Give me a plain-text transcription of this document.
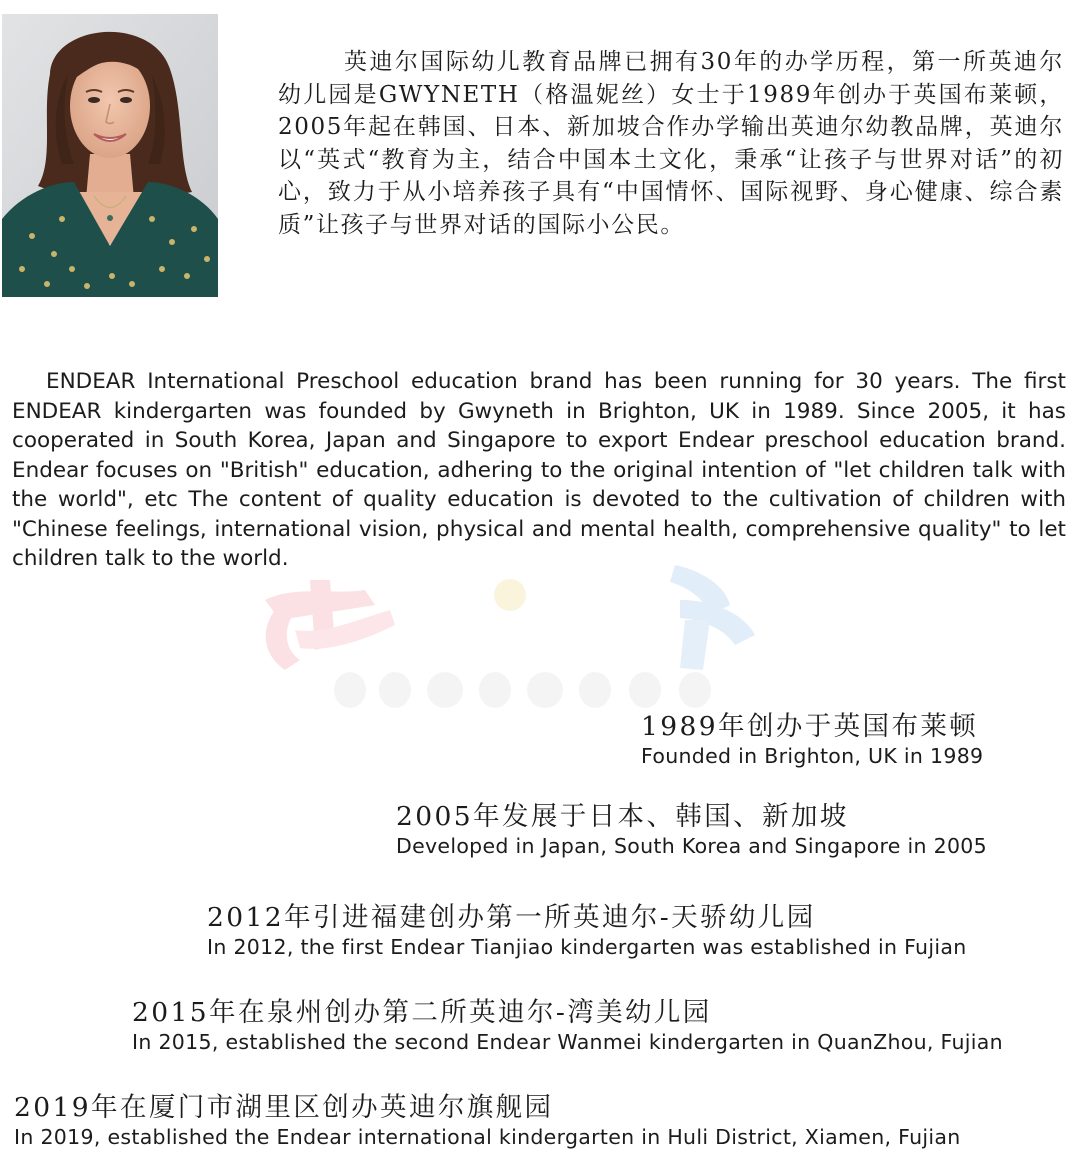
英迪尔国际幼儿教育品牌已拥有30年的办学历程，第一所英迪尔幼儿园是GWYNETH（格温妮丝）女士于1989年创办于英国布莱顿，2005年起在韩国、日本、新加坡合作办学输出英迪尔幼教品牌，英迪尔以“英式“教育为主，结合中国本土文化，秉承“让孩子与世界对话”的初心，致力于从小培养孩子具有“中国情怀、国际视野、身心健康、综合素质”让孩子与世界对话的国际小公民。

ENDEAR International Preschool education brand has been running for 30 years. The first ENDEAR kindergarten was founded by Gwyneth in Brighton, UK in 1989. Since 2005, it has cooperated in South Korea, Japan and Singapore to export Endear preschool education brand. Endear focuses on "British" education, adhering to the original intention of "let children talk with the world", etc The content of quality education is devoted to the cultivation of children with "Chinese feelings, international vision, physical and mental health, comprehensive quality" to let children talk to the world.

1989年创办于英国布莱顿
Founded in Brighton, UK in 1989
2005年发展于日本、韩国、新加坡
Developed in Japan, South Korea and Singapore in 2005
2012年引进福建创办第一所英迪尔-天骄幼儿园
In 2012, the first Endear Tianjiao kindergarten was established in Fujian
2015年在泉州创办第二所英迪尔-湾美幼儿园
In 2015, established the second Endear Wanmei kindergarten in QuanZhou, Fujian
2019年在厦门市湖里区创办英迪尔旗舰园
In 2019, established the Endear international kindergarten in Huli District, Xiamen, Fujian
